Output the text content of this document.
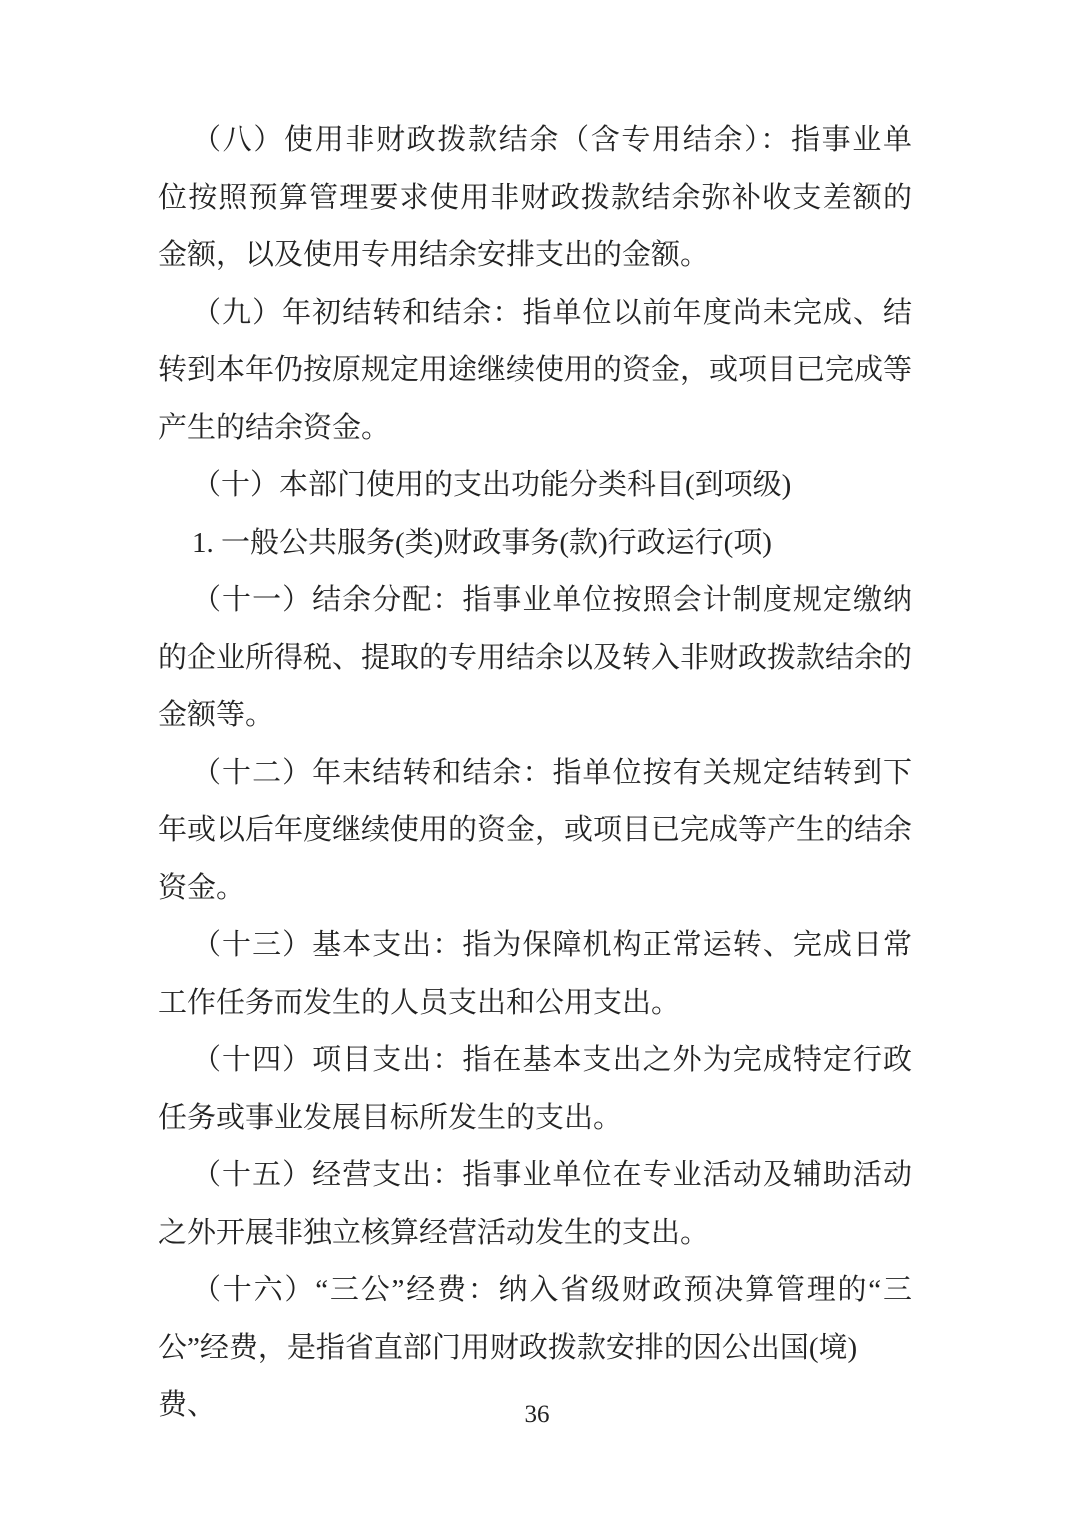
（八）使用非财政拨款结余（含专用结余）：指事业单
位按照预算管理要求使用非财政拨款结余弥补收支差额的
金额，以及使用专用结余安排支出的金额。
（九）年初结转和结余：指单位以前年度尚未完成、结
转到本年仍按原规定用途继续使用的资金，或项目已完成等
产生的结余资金。
（十）本部门使用的支出功能分类科目(到项级)
1. 一般公共服务(类)财政事务(款)行政运行(项)
（十一）结余分配：指事业单位按照会计制度规定缴纳
的企业所得税、提取的专用结余以及转入非财政拨款结余的
金额等。
（十二）年末结转和结余：指单位按有关规定结转到下
年或以后年度继续使用的资金，或项目已完成等产生的结余
资金。
（十三）基本支出：指为保障机构正常运转、完成日常
工作任务而发生的人员支出和公用支出。
（十四）项目支出：指在基本支出之外为完成特定行政
任务或事业发展目标所发生的支出。
（十五）经营支出：指事业单位在专业活动及辅助活动
之外开展非独立核算经营活动发生的支出。
（十六）“三公”经费：纳入省级财政预决算管理的“三
公”经费，是指省直部门用财政拨款安排的因公出国(境)费、	36
